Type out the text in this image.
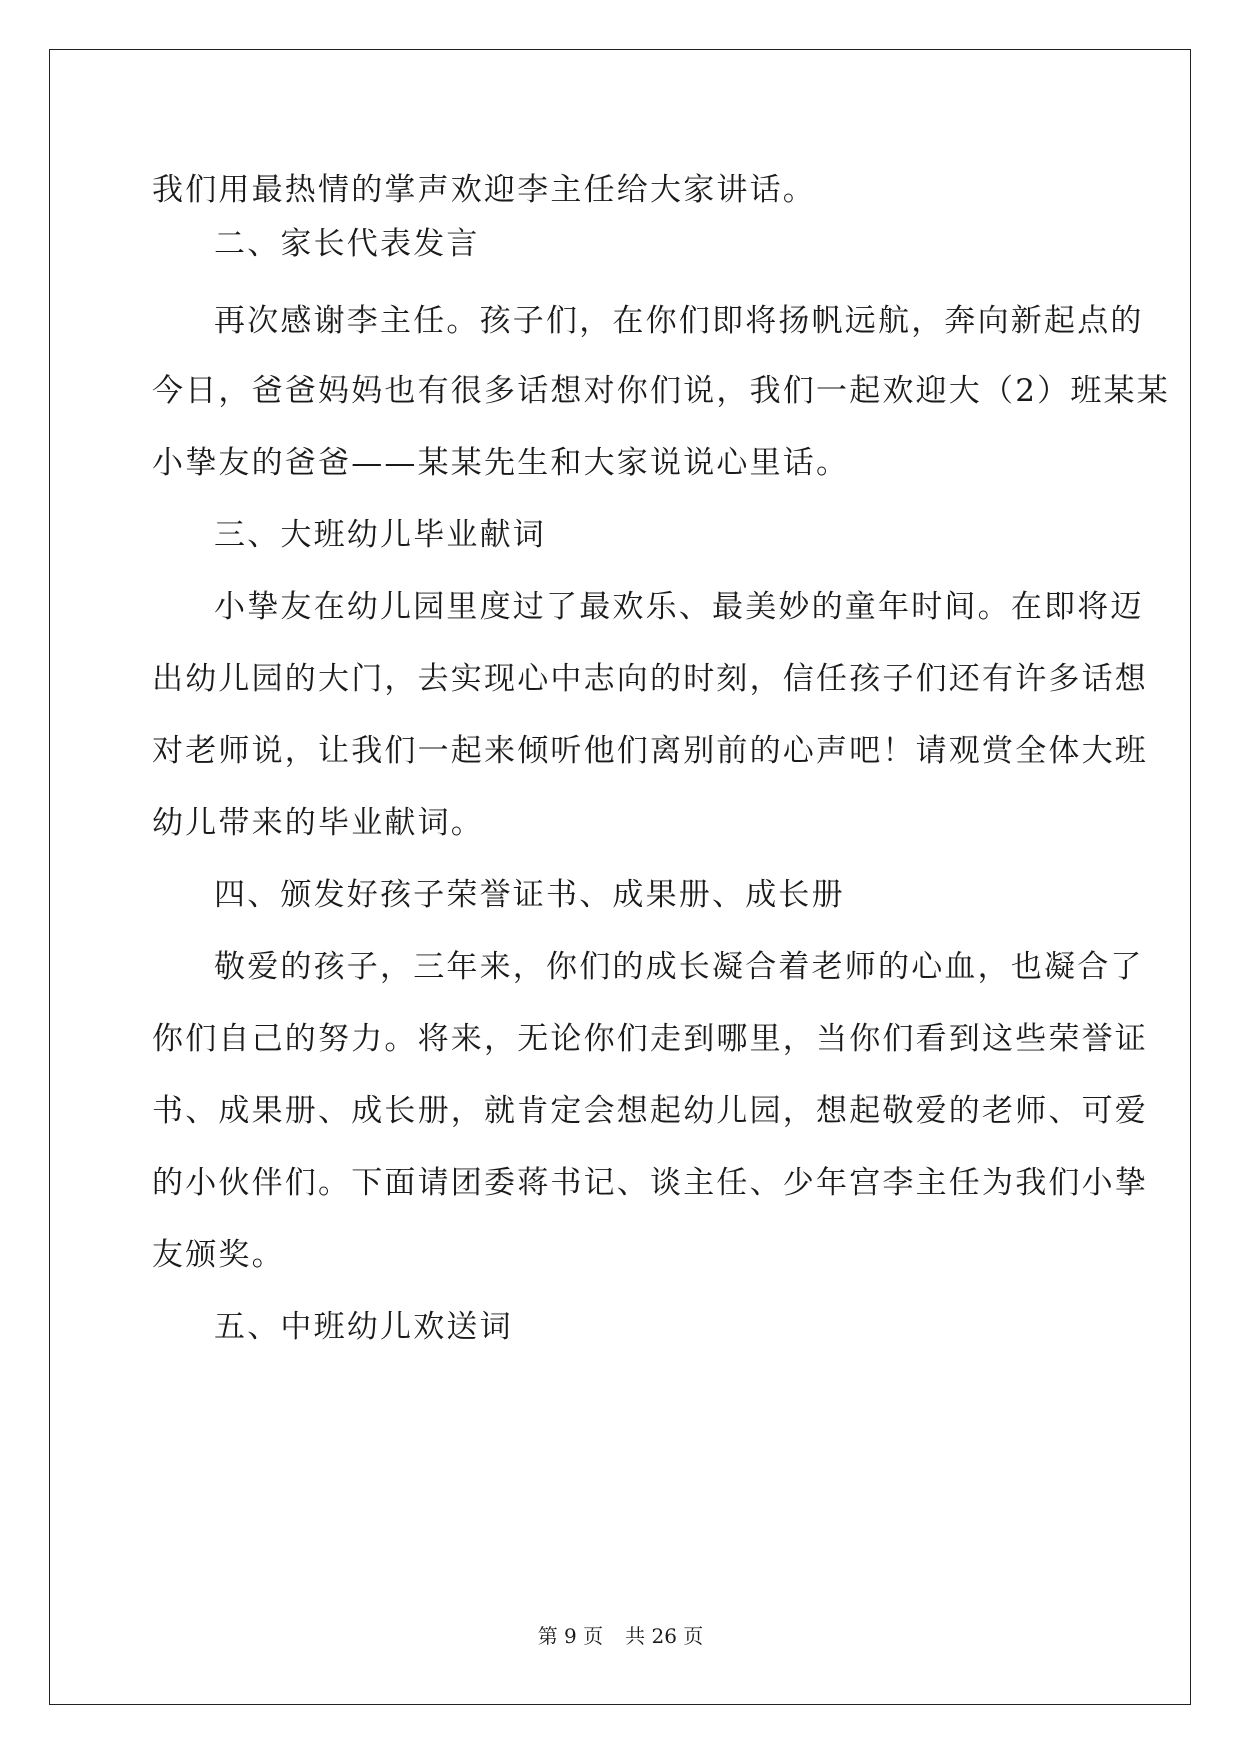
我们用最热情的掌声欢迎李主任给大家讲话。
二、家长代表发言
再次感谢李主任。孩子们，在你们即将扬帆远航，奔向新起点的
今日，爸爸妈妈也有很多话想对你们说，我们一起欢迎大（2）班某某
小挚友的爸爸——某某先生和大家说说心里话。
三、大班幼儿毕业献词
小挚友在幼儿园里度过了最欢乐、最美妙的童年时间。在即将迈
出幼儿园的大门，去实现心中志向的时刻，信任孩子们还有许多话想
对老师说，让我们一起来倾听他们离别前的心声吧！请观赏全体大班
幼儿带来的毕业献词。
四、颁发好孩子荣誉证书、成果册、成长册
敬爱的孩子，三年来，你们的成长凝合着老师的心血，也凝合了
你们自己的努力。将来，无论你们走到哪里，当你们看到这些荣誉证
书、成果册、成长册，就肯定会想起幼儿园，想起敬爱的老师、可爱
的小伙伴们。下面请团委蒋书记、谈主任、少年宫李主任为我们小挚
友颁奖。
五、中班幼儿欢送词
第 9 页 共 26 页
